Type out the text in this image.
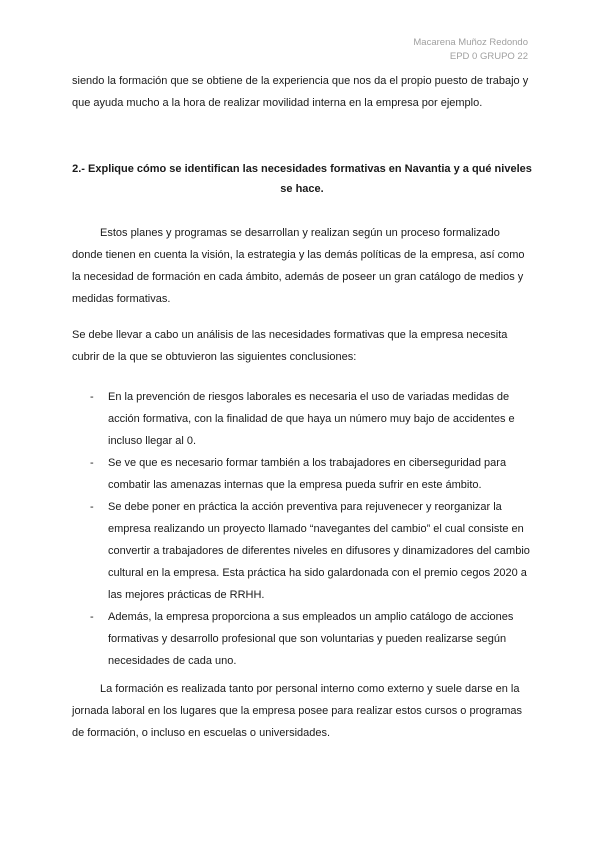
Macarena Muñoz Redondo
EPD 0 GRUPO 22

siendo la formación que se obtiene de la experiencia que nos da el propio puesto de trabajo y que ayuda mucho a la hora de realizar movilidad interna en la empresa por ejemplo.

2.- Explique cómo se identifican las necesidades formativas en Navantia y a qué niveles se hace.

Estos planes y programas se desarrollan y realizan según un proceso formalizado donde tienen en cuenta la visión, la estrategia y las demás políticas de la empresa, así como la necesidad de formación en cada ámbito, además de poseer un gran catálogo de medios y medidas formativas.

Se debe llevar a cabo un análisis de las necesidades formativas que la empresa necesita cubrir de la que se obtuvieron las siguientes conclusiones:

- En la prevención de riesgos laborales es necesaria el uso de variadas medidas de acción formativa, con la finalidad de que haya un número muy bajo de accidentes e incluso llegar al 0.
- Se ve que es necesario formar también a los trabajadores en ciberseguridad para combatir las amenazas internas que la empresa pueda sufrir en este ámbito.
- Se debe poner en práctica la acción preventiva para rejuvenecer y reorganizar la empresa realizando un proyecto llamado “navegantes del cambio” el cual consiste en convertir a trabajadores de diferentes niveles en difusores y dinamizadores del cambio cultural en la empresa. Esta práctica ha sido galardonada con el premio cegos 2020 a las mejores prácticas de RRHH.
- Además, la empresa proporciona a sus empleados un amplio catálogo de acciones formativas y desarrollo profesional que son voluntarias y pueden realizarse según necesidades de cada uno.

La formación es realizada tanto por personal interno como externo y suele darse en la jornada laboral en los lugares que la empresa posee para realizar estos cursos o programas de formación, o incluso en escuelas o universidades.
